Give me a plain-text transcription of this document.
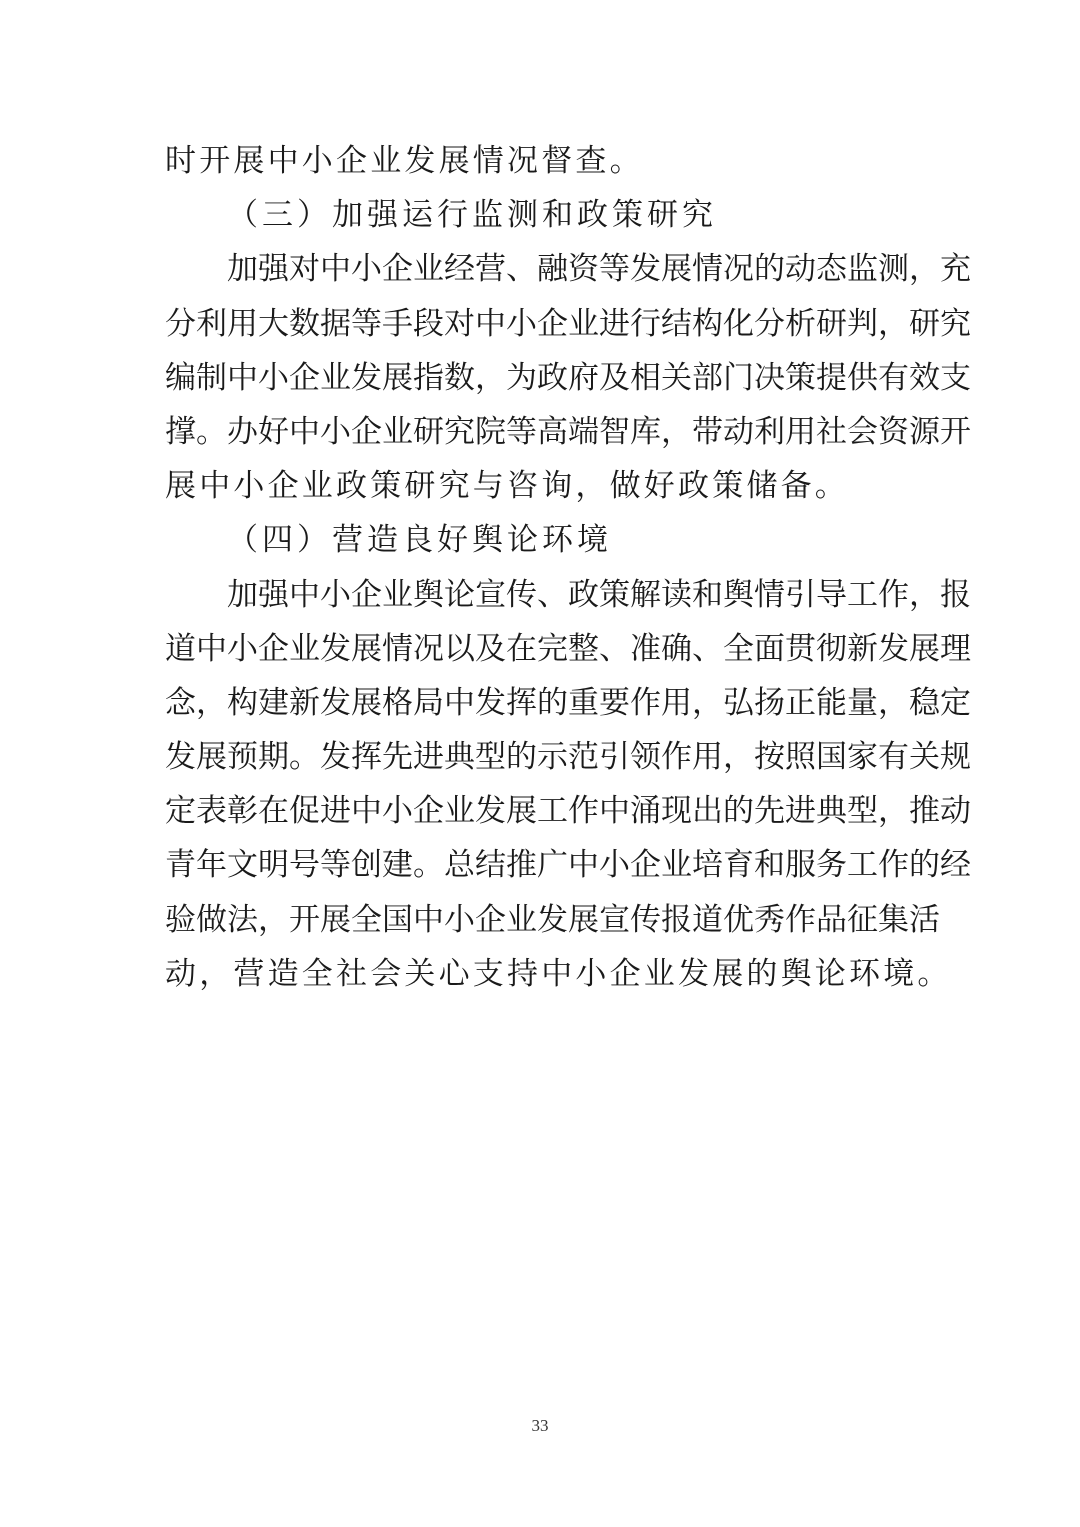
时开展中小企业发展情况督查。
（三）加强运行监测和政策研究
加强对中小企业经营、融资等发展情况的动态监测，充
分利用大数据等手段对中小企业进行结构化分析研判，研究
编制中小企业发展指数，为政府及相关部门决策提供有效支
撑。办好中小企业研究院等高端智库，带动利用社会资源开
展中小企业政策研究与咨询，做好政策储备。
（四）营造良好舆论环境
加强中小企业舆论宣传、政策解读和舆情引导工作，报
道中小企业发展情况以及在完整、准确、全面贯彻新发展理
念，构建新发展格局中发挥的重要作用，弘扬正能量，稳定
发展预期。发挥先进典型的示范引领作用，按照国家有关规
定表彰在促进中小企业发展工作中涌现出的先进典型，推动
青年文明号等创建。总结推广中小企业培育和服务工作的经
验做法，开展全国中小企业发展宣传报道优秀作品征集活
动，营造全社会关心支持中小企业发展的舆论环境。
33
